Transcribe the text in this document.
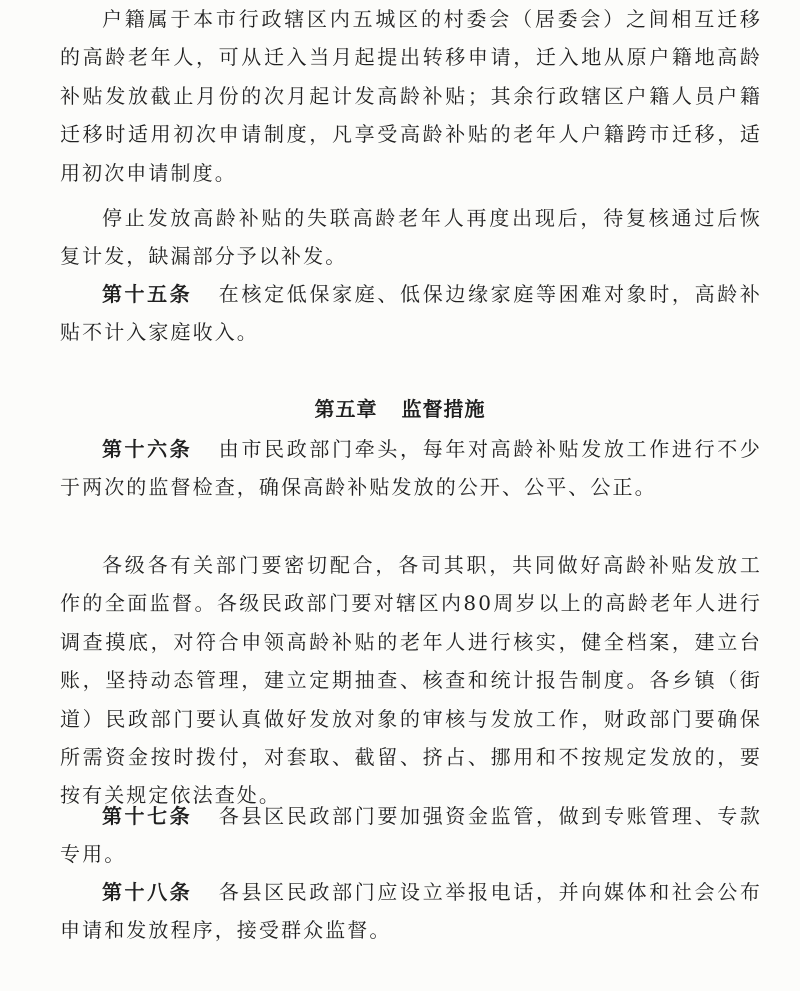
户籍属于本市行政辖区内五城区的村委会（居委会）之间相互迁移的高龄老年人，可从迁入当月起提出转移申请，迁入地从原户籍地高龄补贴发放截止月份的次月起计发高龄补贴；其余行政辖区户籍人员户籍迁移时适用初次申请制度，凡享受高龄补贴的老年人户籍跨市迁移，适用初次申请制度。

停止发放高龄补贴的失联高龄老年人再度出现后，待复核通过后恢复计发，缺漏部分予以补发。

第十五条 在核定低保家庭、低保边缘家庭等困难对象时，高龄补贴不计入家庭收入。

第五章 监督措施

第十六条 由市民政部门牵头，每年对高龄补贴发放工作进行不少于两次的监督检查，确保高龄补贴发放的公开、公平、公正。

各级各有关部门要密切配合，各司其职，共同做好高龄补贴发放工作的全面监督。各级民政部门要对辖区内80周岁以上的高龄老年人进行调查摸底，对符合申领高龄补贴的老年人进行核实，健全档案，建立台账，坚持动态管理，建立定期抽查、核查和统计报告制度。各乡镇（街道）民政部门要认真做好发放对象的审核与发放工作，财政部门要确保所需资金按时拨付，对套取、截留、挤占、挪用和不按规定发放的，要按有关规定依法查处。

第十七条 各县区民政部门要加强资金监管，做到专账管理、专款专用。

第十八条 各县区民政部门应设立举报电话，并向媒体和社会公布申请和发放程序，接受群众监督。
